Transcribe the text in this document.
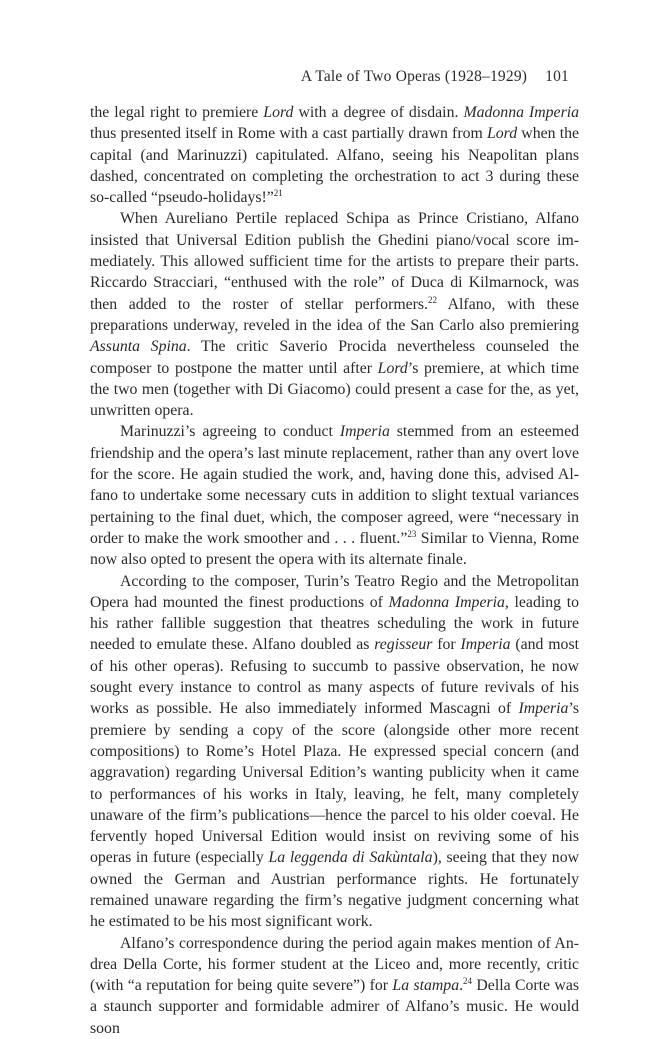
A Tale of Two Operas (1928–1929) 101

the legal right to premiere Lord with a degree of disdain. Madonna Imperia thus presented itself in Rome with a cast partially drawn from Lord when the capital (and Marinuzzi) capitulated. Alfano, seeing his Neapolitan plans dashed, concentrated on completing the orchestration to act 3 during these so-called “pseudo-holidays!”$^{21}$

When Aureliano Pertile replaced Schipa as Prince Cristiano, Alfano insisted that Universal Edition publish the Ghedini piano/vocal score immediately. This allowed sufficient time for the artists to prepare their parts. Riccardo Stracciari, “enthused with the role” of Duca di Kilmarnock, was then added to the roster of stellar performers.$^{22}$ Alfano, with these preparations underway, reveled in the idea of the San Carlo also premiering Assunta Spina. The critic Saverio Procida nevertheless counseled the composer to postpone the matter until after Lord’s premiere, at which time the two men (together with Di Giacomo) could present a case for the, as yet, unwritten opera.

Marinuzzi’s agreeing to conduct Imperia stemmed from an esteemed friendship and the opera’s last minute replacement, rather than any overt love for the score. He again studied the work, and, having done this, advised Alfano to undertake some necessary cuts in addition to slight textual variances pertaining to the final duet, which, the composer agreed, were “necessary in order to make the work smoother and . . . fluent.”$^{23}$ Similar to Vienna, Rome now also opted to present the opera with its alternate finale.

According to the composer, Turin’s Teatro Regio and the Metropolitan Opera had mounted the finest productions of Madonna Imperia, leading to his rather fallible suggestion that theatres scheduling the work in future needed to emulate these. Alfano doubled as regisseur for Imperia (and most of his other operas). Refusing to succumb to passive observation, he now sought every instance to control as many aspects of future revivals of his works as possible. He also immediately informed Mascagni of Imperia’s premiere by sending a copy of the score (alongside other more recent compositions) to Rome’s Hotel Plaza. He expressed special concern (and aggravation) regarding Universal Edition’s wanting publicity when it came to performances of his works in Italy, leaving, he felt, many completely unaware of the firm’s publications—hence the parcel to his older coeval. He fervently hoped Universal Edition would insist on reviving some of his operas in future (especially La leggenda di Sakùntala), seeing that they now owned the German and Austrian performance rights. He fortunately remained unaware regarding the firm’s negative judgment concerning what he estimated to be his most significant work.

Alfano’s correspondence during the period again makes mention of Andrea Della Corte, his former student at the Liceo and, more recently, critic (with “a reputation for being quite severe”) for La stampa.$^{24}$ Della Corte was a staunch supporter and formidable admirer of Alfano’s music. He would soon
